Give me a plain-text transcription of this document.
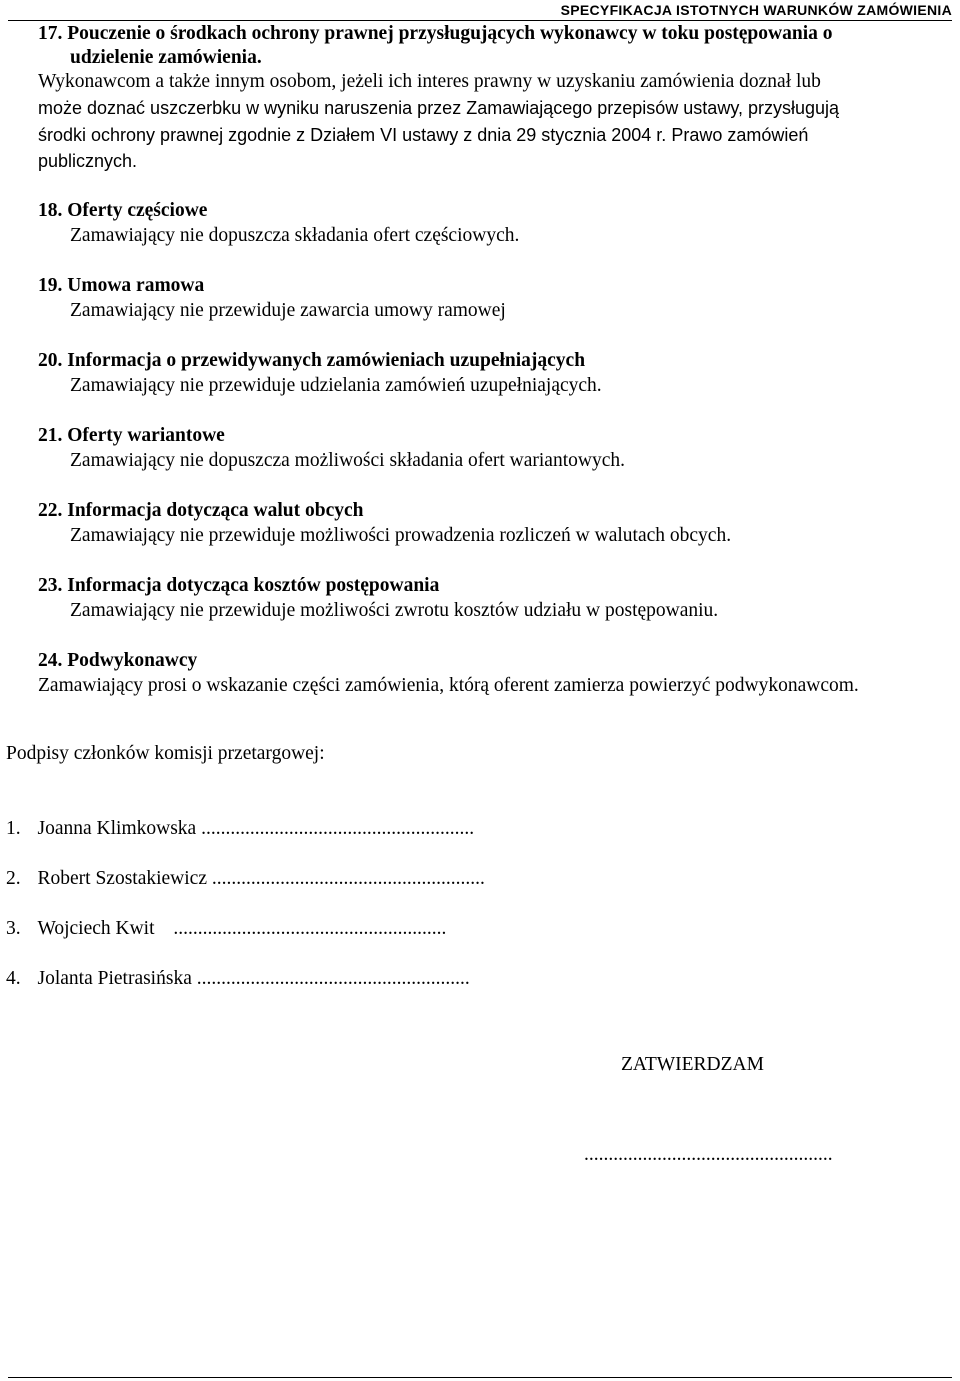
SPECYFIKACJA ISTOTNYCH WARUNKÓW ZAMÓWIENIA
17. Pouczenie o środkach ochrony prawnej przysługujących wykonawcy w toku postępowania o
udzielenie zamówienia.
Wykonawcom a także innym osobom, jeżeli ich interes prawny w uzyskaniu zamówienia doznał lub
może doznać uszczerbku w wyniku naruszenia przez Zamawiającego przepisów ustawy, przysługują
środki ochrony prawnej zgodnie z Działem VI ustawy z dnia 29 stycznia 2004 r. Prawo zamówień
publicznych.
18. Oferty częściowe
Zamawiający nie dopuszcza składania ofert częściowych.
19. Umowa ramowa
Zamawiający nie przewiduje zawarcia umowy ramowej
20. Informacja o przewidywanych zamówieniach uzupełniających
Zamawiający nie przewiduje udzielania zamówień uzupełniających.
21. Oferty wariantowe
Zamawiający nie dopuszcza możliwości składania ofert wariantowych.
22. Informacja dotycząca walut obcych
Zamawiający nie przewiduje możliwości prowadzenia rozliczeń w walutach obcych.
23. Informacja dotycząca kosztów postępowania
Zamawiający nie przewiduje możliwości zwrotu kosztów udziału w postępowaniu.
24. Podwykonawcy
Zamawiający prosi o wskazanie części zamówienia, którą oferent zamierza powierzyć podwykonawcom.
Podpisy członków komisji przetargowej:
1. Joanna Klimkowska ........................................................
2. Robert Szostakiewicz ........................................................
3. Wojciech Kwit ........................................................
4. Jolanta Pietrasińska ........................................................
ZATWIERDZAM
...................................................
